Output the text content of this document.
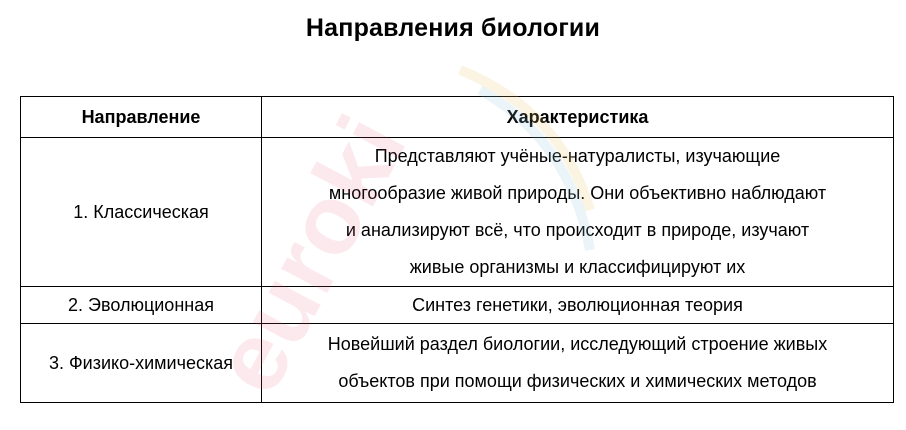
Направления биологии
Направление	Характеристика
1. Классическая	Представляют учёные-натуралисты, изучающие
многообразие живой природы. Они объективно наблюдают
и анализируют всё, что происходит в природе, изучают
живые организмы и классифицируют их

2. Эволюционная	Синтез генетики, эволюционная теория

3. Физико-химическая	Новейший раздел биологии, исследующий строение живых
объектов при помощи физических и химических методов
euroki
